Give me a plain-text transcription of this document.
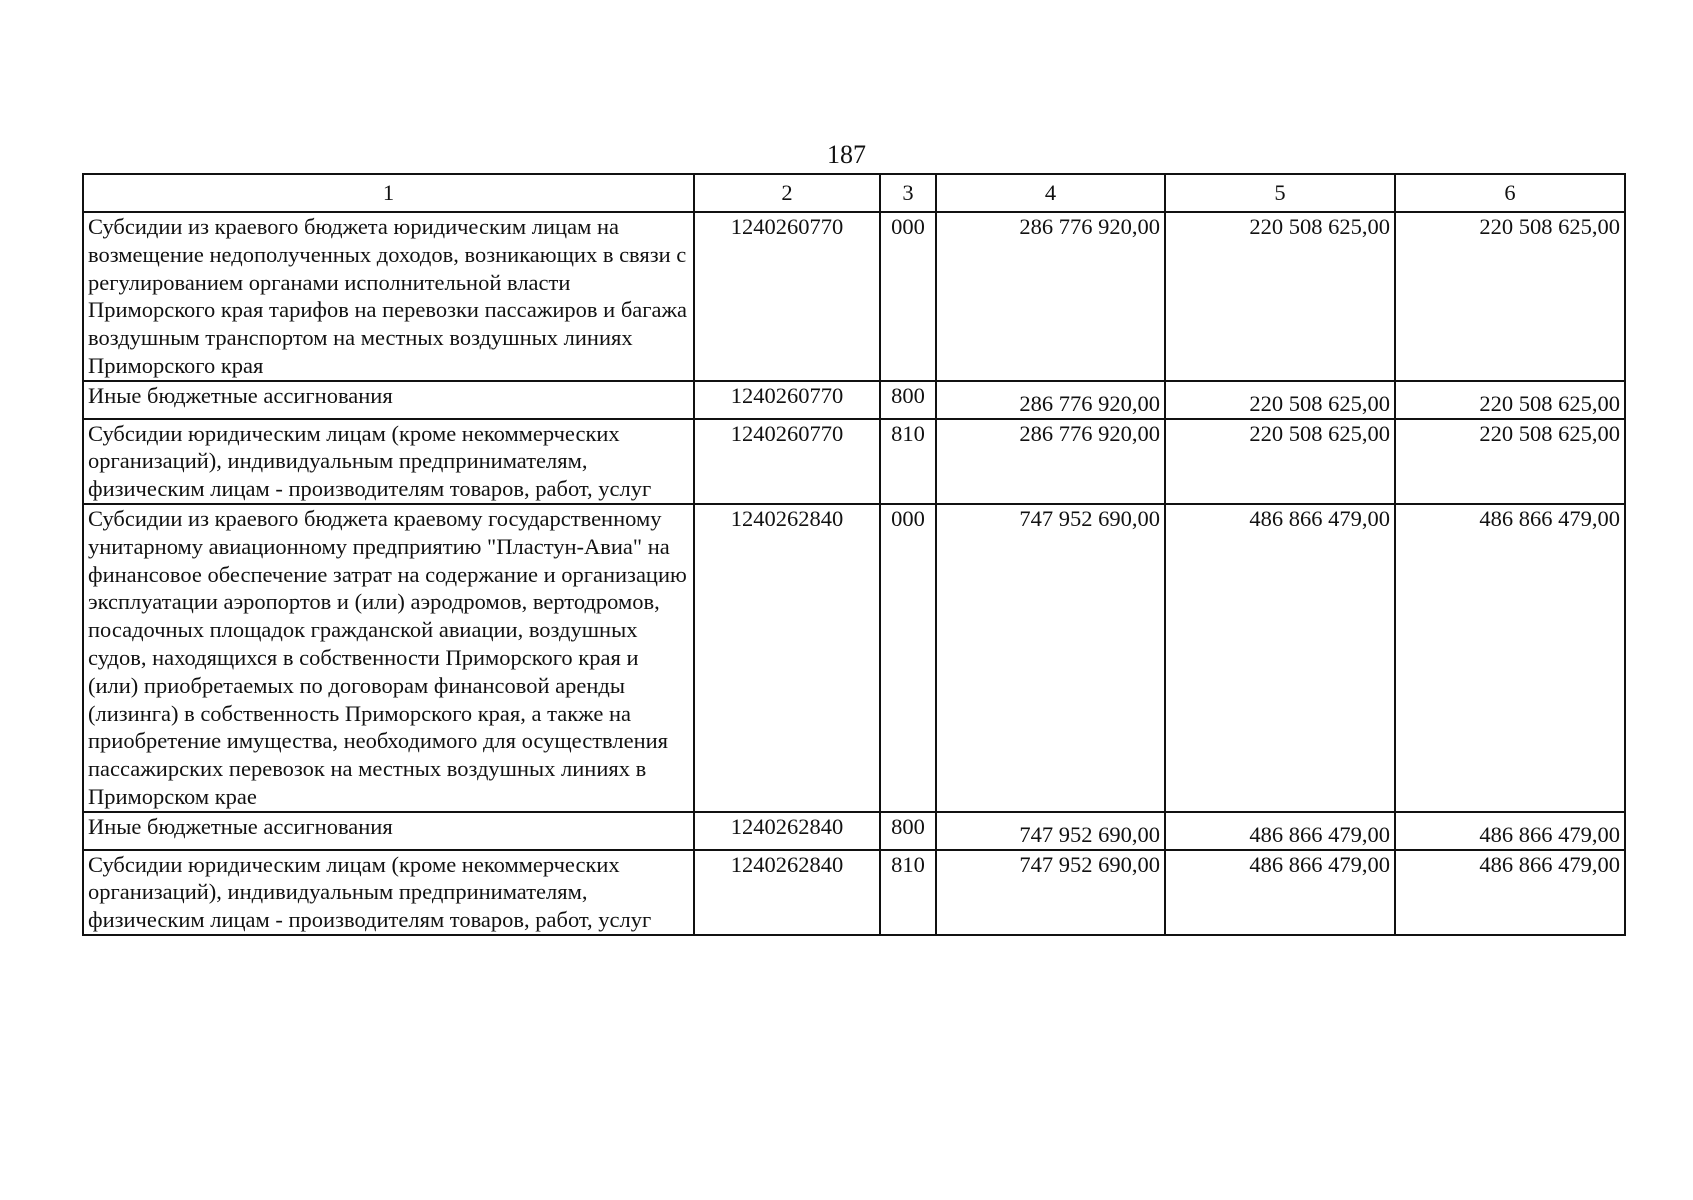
187
1	2	3	4	5	6
Субсидии из краевого бюджета юридическим лицам на возмещение недополученных доходов, возникающих в связи с регулированием органами исполнительной власти Приморского края тарифов на перевозки пассажиров и багажа воздушным транспортом на местных воздушных линиях Приморского края	1240260770	000	286 776 920,00	220 508 625,00	220 508 625,00
Иные бюджетные ассигнования	1240260770	800	286 776 920,00	220 508 625,00	220 508 625,00
Субсидии юридическим лицам (кроме некоммерческих организаций), индивидуальным предпринимателям, физическим лицам - производителям товаров, работ, услуг	1240260770	810	286 776 920,00	220 508 625,00	220 508 625,00
Субсидии из краевого бюджета краевому государственному унитарному авиационному предприятию "Пластун-Авиа" на финансовое обеспечение затрат на содержание и организацию эксплуатации аэропортов и (или) аэродромов, вертодромов, посадочных площадок гражданской авиации, воздушных судов, находящихся в собственности Приморского края и (или) приобретаемых по договорам финансовой аренды (лизинга) в собственность Приморского края, а также на приобретение имущества, необходимого для осуществления пассажирских перевозок на местных воздушных линиях в Приморском крае	1240262840	000	747 952 690,00	486 866 479,00	486 866 479,00
Иные бюджетные ассигнования	1240262840	800	747 952 690,00	486 866 479,00	486 866 479,00
Субсидии юридическим лицам (кроме некоммерческих организаций), индивидуальным предпринимателям, физическим лицам - производителям товаров, работ, услуг	1240262840	810	747 952 690,00	486 866 479,00	486 866 479,00
